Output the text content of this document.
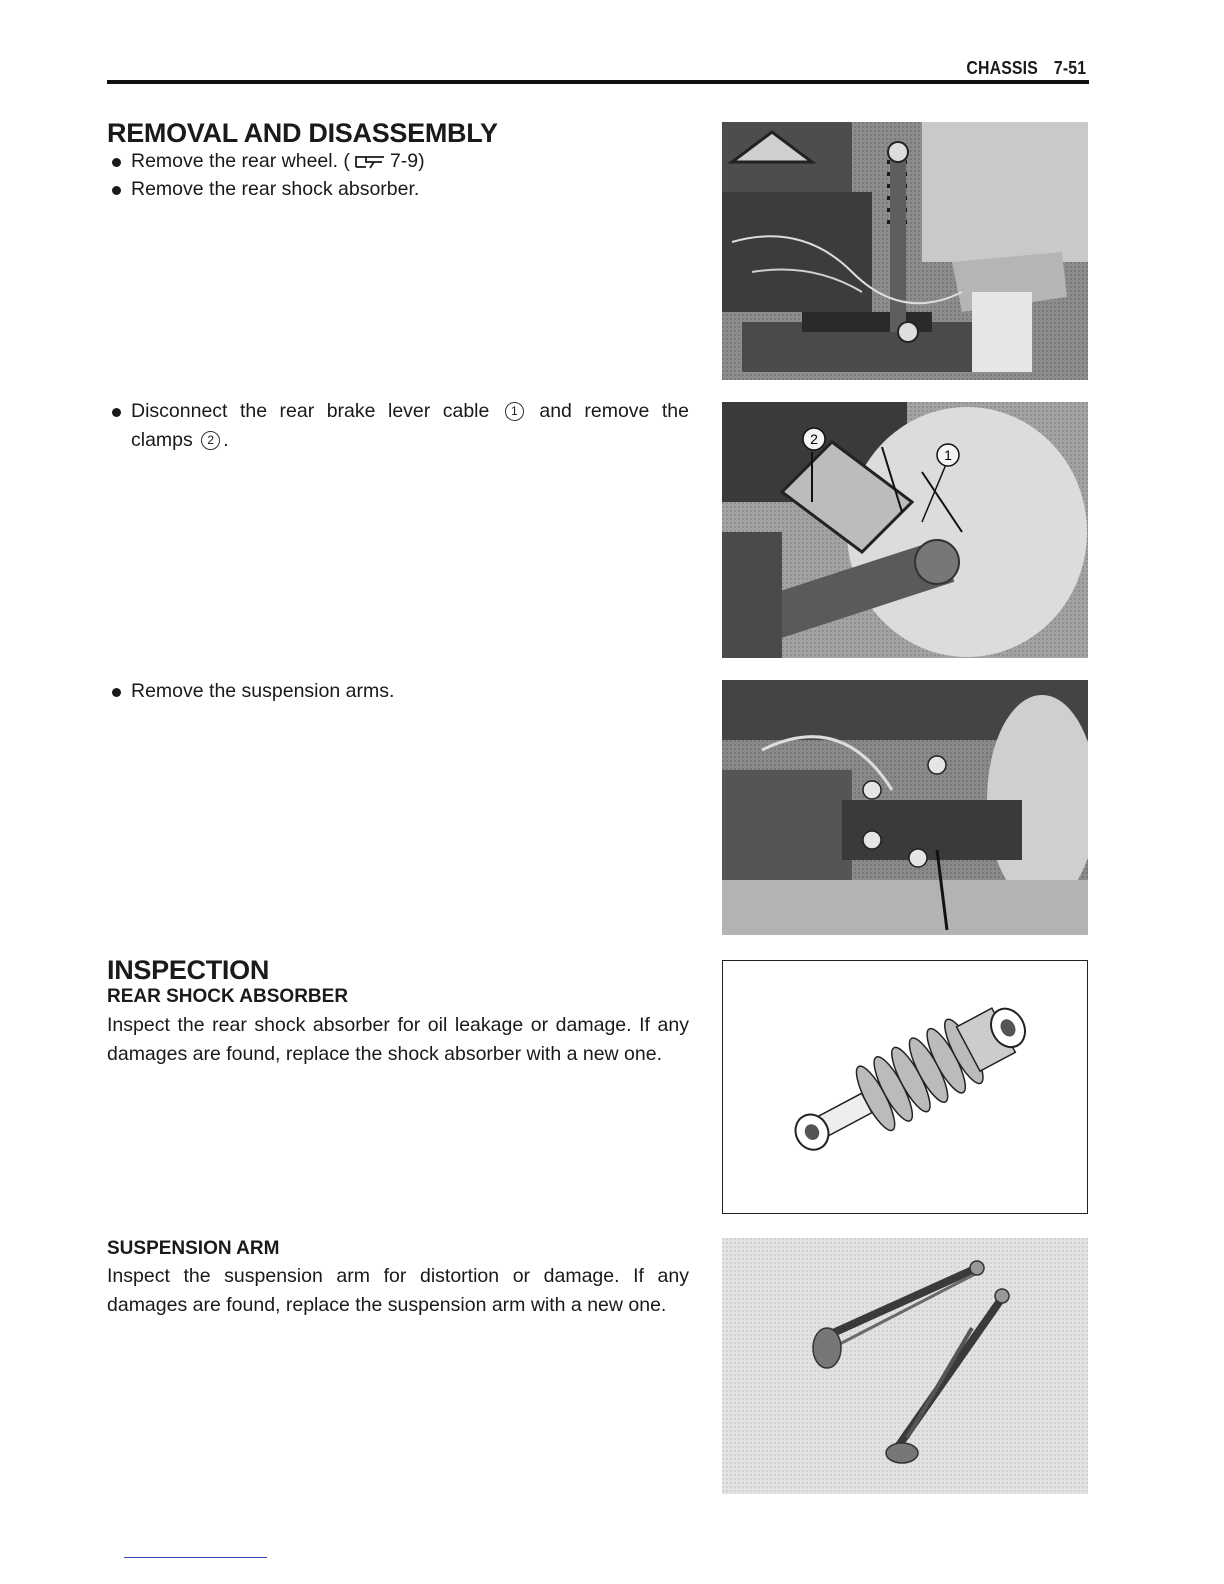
CHASSIS 7-51
REMOVAL AND DISASSEMBLY
Remove the rear wheel. ( 7-9)
Remove the rear shock absorber.
Disconnect the rear brake lever cable 1 and remove the clamps 2 .
Remove the suspension arms.
INSPECTION
REAR SHOCK ABSORBER
Inspect the rear shock absorber for oil leakage or damage. If any damages are found, replace the shock absorber with a new one.
SUSPENSION ARM
Inspect the suspension arm for distortion or damage. If any damages are found, replace the suspension arm with a new one.
2
1
